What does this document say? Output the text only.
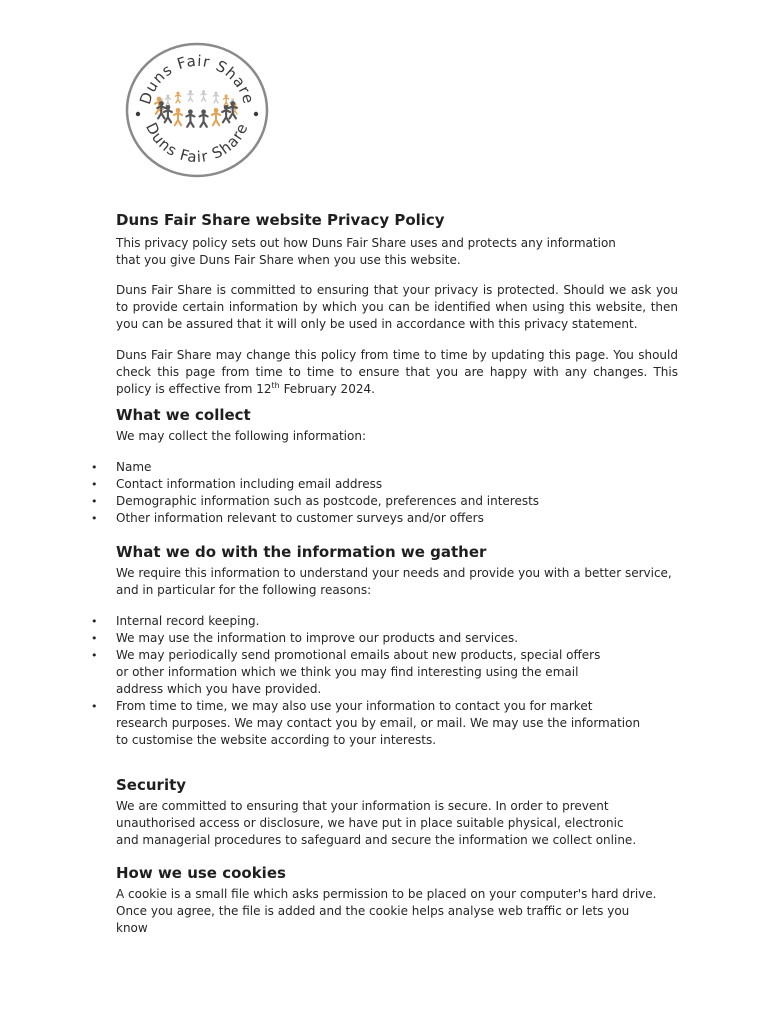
Duns Fair Share
Duns Fair Share
Duns Fair Share website Privacy Policy

This privacy policy sets out how Duns Fair Share uses and protects any information that you give Duns Fair Share when you use this website.

Duns Fair Share is committed to ensuring that your privacy is protected. Should we ask you to provide certain information by which you can be identified when using this website, then you can be assured that it will only be used in accordance with this privacy statement.

Duns Fair Share may change this policy from time to time by updating this page. You should check this page from time to time to ensure that you are happy with any changes. This policy is effective from 12th February 2024.

What we collect

We may collect the following information:

• Name
• Contact information including email address
• Demographic information such as postcode, preferences and interests
• Other information relevant to customer surveys and/or offers
What we do with the information we gather

We require this information to understand your needs and provide you with a better service, and in particular for the following reasons:

• Internal record keeping.
• We may use the information to improve our products and services.
• We may periodically send promotional emails about new products, special offers or other information which we think you may find interesting using the email address which you have provided.
• From time to time, we may also use your information to contact you for market research purposes. We may contact you by email, or mail. We may use the information to customise the website according to your interests.
Security

We are committed to ensuring that your information is secure. In order to prevent unauthorised access or disclosure, we have put in place suitable physical, electronic and managerial procedures to safeguard and secure the information we collect online.

How we use cookies

A cookie is a small file which asks permission to be placed on your computer's hard drive. Once you agree, the file is added and the cookie helps analyse web traffic or lets you know
